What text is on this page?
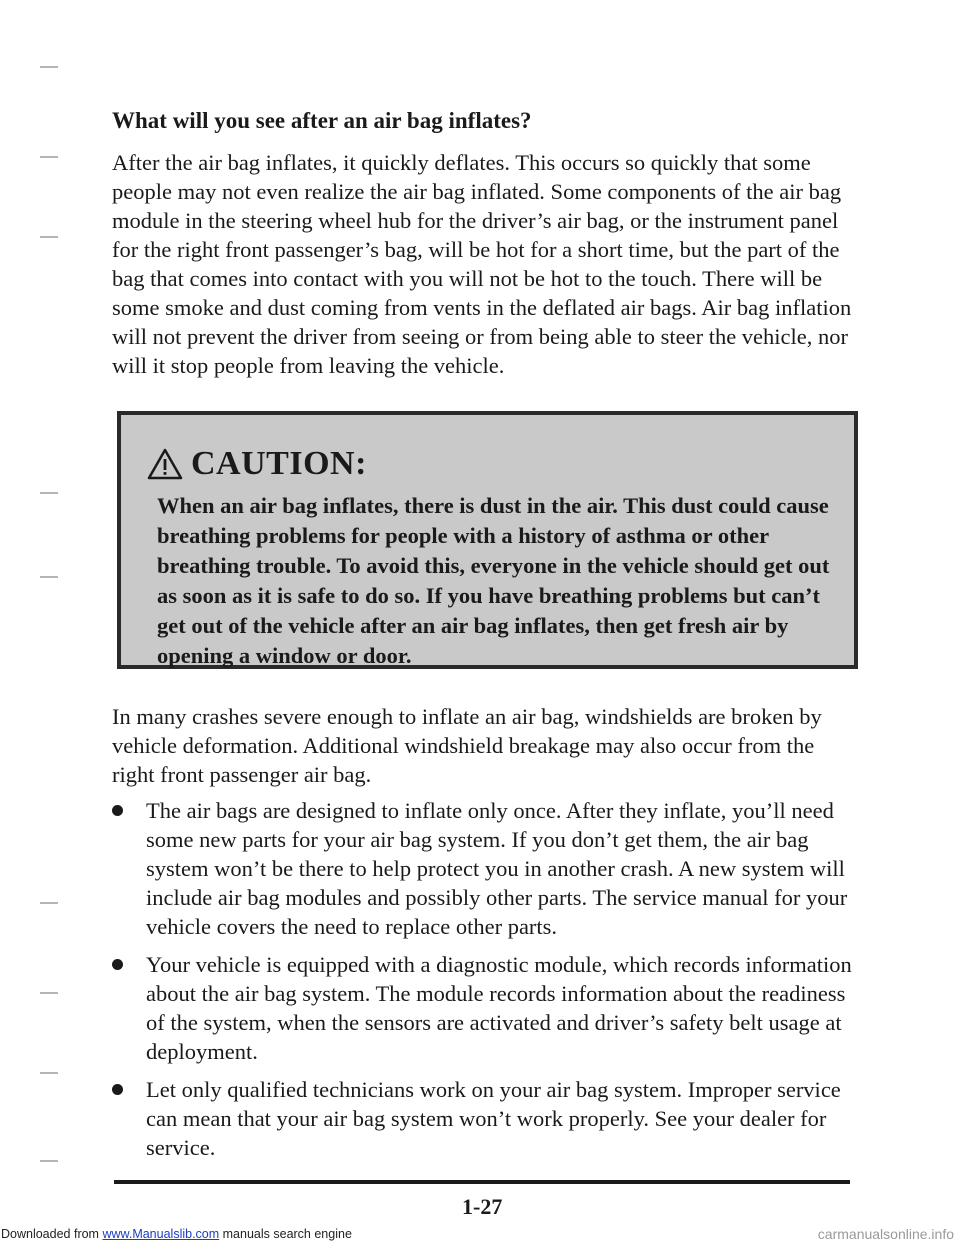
What will you see after an air bag inflates?

After the air bag inflates, it quickly deflates. This occurs so quickly that some people may not even realize the air bag inflated. Some components of the air bag module in the steering wheel hub for the driver’s air bag, or the instrument panel for the right front passenger’s bag, will be hot for a short time, but the part of the bag that comes into contact with you will not be hot to the touch. There will be some smoke and dust coming from vents in the deflated air bags. Air bag inflation will not prevent the driver from seeing or from being able to steer the vehicle, nor will it stop people from leaving the vehicle.

In many crashes severe enough to inflate an air bag, windshields are broken by vehicle deformation. Additional windshield breakage may also occur from the right front passenger air bag.

The air bags are designed to inflate only once. After they inflate, you’ll need some new parts for your air bag system. If you don’t get them, the air bag system won’t be there to help protect you in another crash. A new system will include air bag modules and possibly other parts. The service manual for your vehicle covers the need to replace other parts.
Your vehicle is equipped with a diagnostic module, which records information about the air bag system. The module records information about the readiness of the system, when the sensors are activated and driver’s safety belt usage at deployment.
Let only qualified technicians work on your air bag system. Improper service can mean that your air bag system won’t work properly. See your dealer for service.
CAUTION:

When an air bag inflates, there is dust in the air. This dust could cause breathing problems for people with a history of asthma or other breathing trouble. To avoid this, everyone in the vehicle should get out as soon as it is safe to do so. If you have breathing problems but can’t get out of the vehicle after an air bag inflates, then get fresh air by opening a window or door.

1-27
Downloaded from www.Manualslib.com manuals search engine	carmanualsonline.info
